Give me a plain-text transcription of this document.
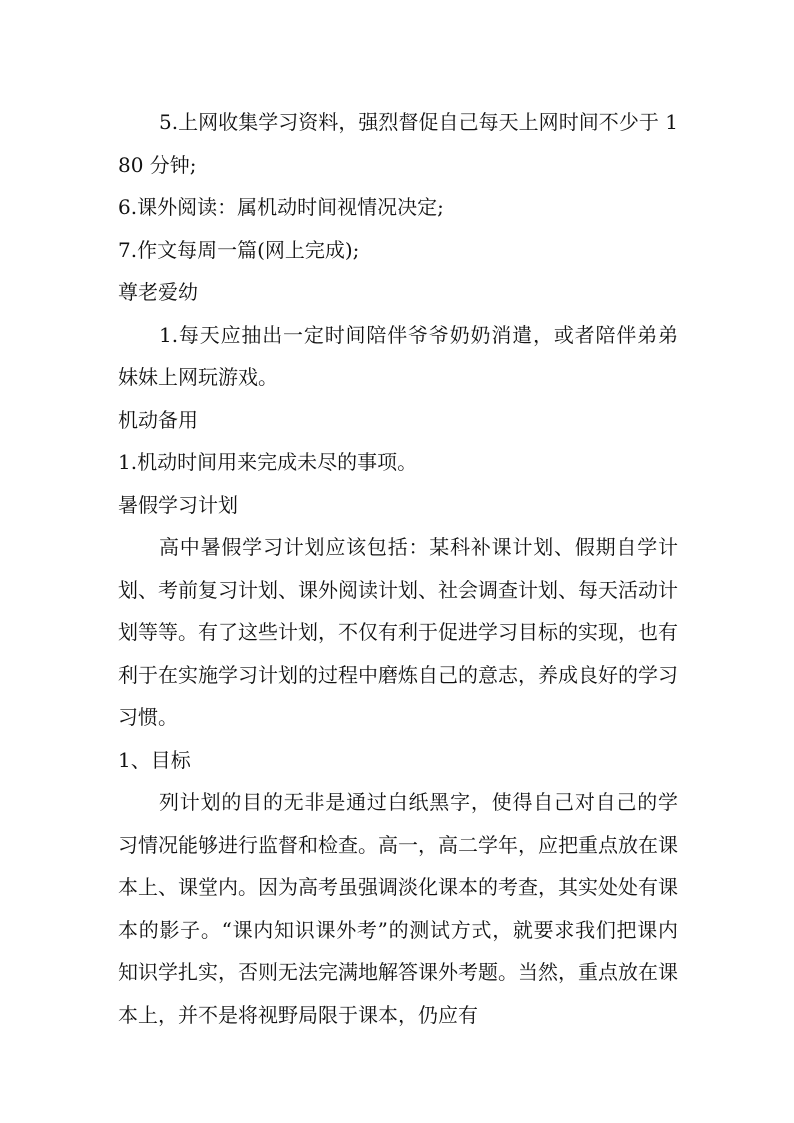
5.上网收集学习资料，强烈督促自己每天上网时间不少于 180 分钟;

6.课外阅读：属机动时间视情况决定;

7.作文每周一篇(网上完成);

尊老爱幼

1.每天应抽出一定时间陪伴爷爷奶奶消遣，或者陪伴弟弟妹妹上网玩游戏。

机动备用

1.机动时间用来完成未尽的事项。

暑假学习计划

高中暑假学习计划应该包括：某科补课计划、假期自学计划、考前复习计划、课外阅读计划、社会调查计划、每天活动计划等等。有了这些计划，不仅有利于促进学习目标的实现，也有利于在实施学习计划的过程中磨炼自己的意志，养成良好的学习习惯。

1、目标

列计划的目的无非是通过白纸黑字，使得自己对自己的学习情况能够进行监督和检查。高一，高二学年，应把重点放在课本上、课堂内。因为高考虽强调淡化课本的考查，其实处处有课本的影子。“课内知识课外考”的测试方式，就要求我们把课内知识学扎实，否则无法完满地解答课外考题。当然，重点放在课本上，并不是将视野局限于课本，仍应有
